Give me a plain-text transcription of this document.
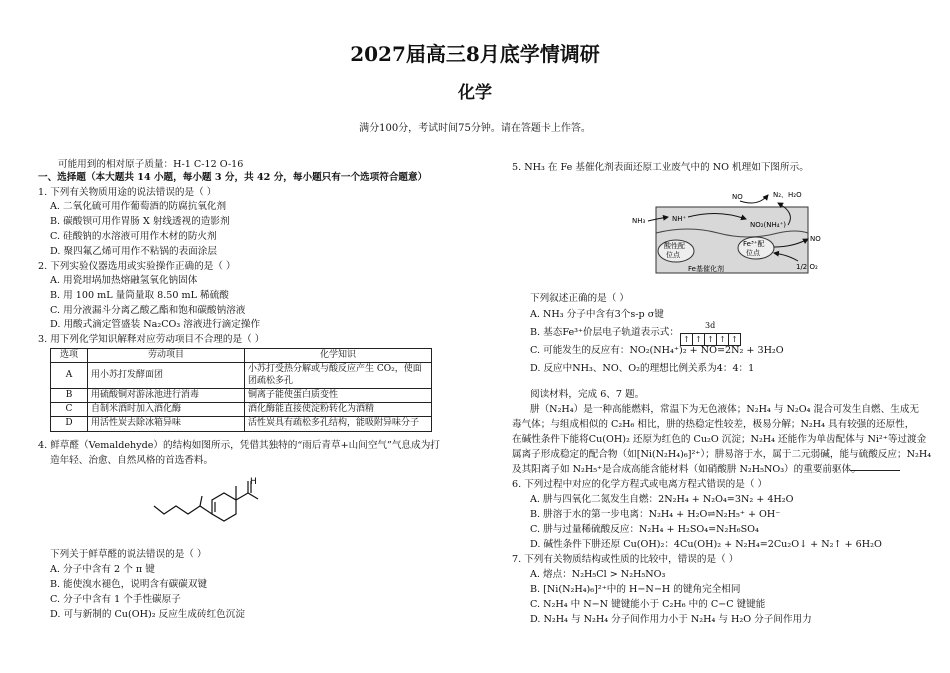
2027届高三8月底学情调研
化学
满分100分，考试时间75分钟。请在答题卡上作答。
可能用到的相对原子质量：H-1 C-12 O-16
一、选择题（本大题共 14 小题，每小题 3 分，共 42 分，每小题只有一个选项符合题意）
1. 下列有关物质用途的说法错误的是（ ）
A. 二氧化硫可用作葡萄酒的防腐抗氧化剂
B. 碳酸钡可用作胃肠 X 射线透视的造影剂
C. 硅酸钠的水溶液可用作木材的防火剂
D. 聚四氟乙烯可用作不粘锅的表面涂层
2. 下列实验仪器选用或实验操作正确的是（ ）
A. 用瓷坩埚加热熔融氢氧化钠固体
B. 用 100 mL 量筒量取 8.50 mL 稀硫酸
C. 用分液漏斗分离乙酸乙酯和饱和碳酸钠溶液
D. 用酸式滴定管盛装 Na₂CO₃ 溶液进行滴定操作
3. 用下列化学知识解释对应劳动项目不合理的是（ ）
选项	劳动项目	化学知识
A	用小苏打发酵面团	小苏打受热分解或与酸反应产生 CO₂，使面团疏松多孔
B	用硫酸铜对游泳池进行消毒	铜离子能使蛋白质变性
C	自制米酒时加入酒化酶	酒化酶能直接使淀粉转化为酒精
D	用活性炭去除冰箱异味	活性炭具有疏松多孔结构，能吸附异味分子
4. 鲜草醛（Vemaldehyde）的结构如图所示，凭借其独特的“雨后青草+山间空气”气息成为打
造年轻、治愈、自然风格的首选香料。
H
下列关于鲜草醛的说法错误的是（ ）
A. 分子中含有 2 个 π 键
B. 能使溴水褪色，说明含有碳碳双键
C. 分子中含有 1 个手性碳原子
D. 可与新制的 Cu(OH)₂ 反应生成砖红色沉淀
5. NH₃ 在 Fe 基催化剂表面还原工业废气中的 NO 机理如下图所示。
酸性配
位点
Fe³⁺配
位点
Fe基催化剂
NH₃	NH⁺
NO	N₂、H₂O
NO₂(NH₄⁺)
NO
1/2 O₂
下列叙述正确的是（ ）
A. NH₃ 分子中含有3个s-p σ键
B. 基态Fe³⁺价层电子轨道表示式：
3d
↑ ↑ ↑ ↑ ↑
C. 可能发生的反应有：NO₂(NH₄⁺)₂ + NO=2N₂ + 3H₂O
D. 反应中NH₃、NO、O₂的理想比例关系为4：4：1
阅读材料，完成 6、7 题。
肼（N₂H₄）是一种高能燃料，常温下为无色液体；N₂H₄ 与 N₂O₄ 混合可发生自燃、生成无
毒气体；与组成相似的 C₂H₆ 相比，肼的热稳定性较差，极易分解；N₂H₄ 具有较强的还原性，
在碱性条件下能将Cu(OH)₂ 还原为红色的 Cu₂O 沉淀；N₂H₄ 还能作为单齿配体与 Ni²⁺等过渡金
属离子形成稳定的配合物（如[Ni(N₂H₄)₆]²⁺）；肼易溶于水，属于二元弱碱，能与硫酸反应；N₂H₄
及其阳离子如 N₂H₅⁺是合成高能含能材料（如硝酸肼 N₂H₅NO₃）的重要前驱体。
6. 下列过程中对应的化学方程式或电离方程式错误的是（ ）
A. 肼与四氧化二氮发生自燃：2N₂H₄ + N₂O₄=3N₂ + 4H₂O
B. 肼溶于水的第一步电离：N₂H₄ + H₂O⇌N₂H₅⁺ + OH⁻
C. 肼与过量稀硫酸反应：N₂H₄ + H₂SO₄=N₂H₆SO₄
D. 碱性条件下肼还原 Cu(OH)₂：4Cu(OH)₂ + N₂H₄=2Cu₂O↓ + N₂↑ + 6H₂O
7. 下列有关物质结构或性质的比较中，错误的是（ ）
A. 熔点：N₂H₅Cl > N₂H₅NO₃
B. [Ni(N₂H₄)₆]²⁺中的 H−N−H 的键角完全相同
C. N₂H₄ 中 N−N 键键能小于 C₂H₆ 中的 C−C 键键能
D. N₂H₄ 与 N₂H₄ 分子间作用力小于 N₂H₄ 与 H₂O 分子间作用力
